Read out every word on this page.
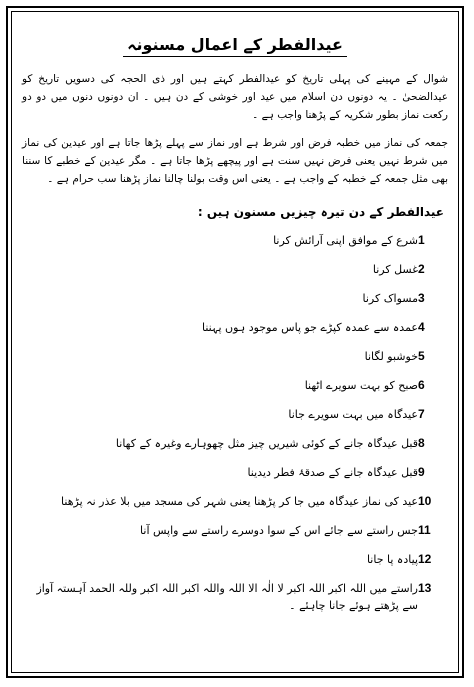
عیدالفطر کے اعمال مسنونہ

شوال کے مہینے کی پہلی تاریخ کو عیدالفطر کہتے ہیں اور ذی الحجہ کی دسویں تاریخ کو عیدالضحیٰ ۔ یہ دونوں دن اسلام میں عید اور خوشی کے دن ہیں ۔ ان دونوں دنوں میں دو دو رکعت نماز بطور شکریہ کے پڑھنا واجب ہے ۔

جمعہ کی نماز میں خطبہ فرض اور شرط ہے اور نماز سے پہلے پڑھا جاتا ہے اور عیدین کی نماز میں شرط نہیں یعنی فرض نہیں سنت ہے اور پیچھے پڑھا جاتا ہے ۔ مگر عیدین کے خطبے کا سننا بھی مثل جمعہ کے خطبہ کے واجب ہے ۔ یعنی اس وقت بولنا چالنا نماز پڑھنا سب حرام ہے ۔

عیدالفطر کے دن تیرہ چیزیں مسنون ہیں :
1
شرع کے موافق اپنی آرائش کرنا
2
غسل کرنا
3
مسواک کرنا
4
عمدہ سے عمدہ کپڑے جو پاس موجود ہوں پہننا
5
خوشبو لگانا
6
صبح کو بہت سویرے اٹھنا
7
عیدگاہ میں بہت سویرے جانا
8
قبل عیدگاہ جانے کے کوئی شیریں چیز مثل چھوہارے وغیرہ کے کھانا
9
قبل عیدگاہ جانے کے صدقۂ فطر دیدینا
10
عید کی نماز عیدگاہ میں جا کر پڑھنا یعنی شہر کی مسجد میں بلا عذر نہ پڑھنا
11
جس راستے سے جائے اس کے سوا دوسرے راستے سے واپس آنا
12
پیادہ پا جانا
13
راستے میں اللہ اکبر اللہ اکبر لا الٰہ الا اللہ واللہ اکبر اللہ اکبر وللہ الحمد آہستہ آواز سے پڑھتے ہوئے جانا چاہئے ۔
